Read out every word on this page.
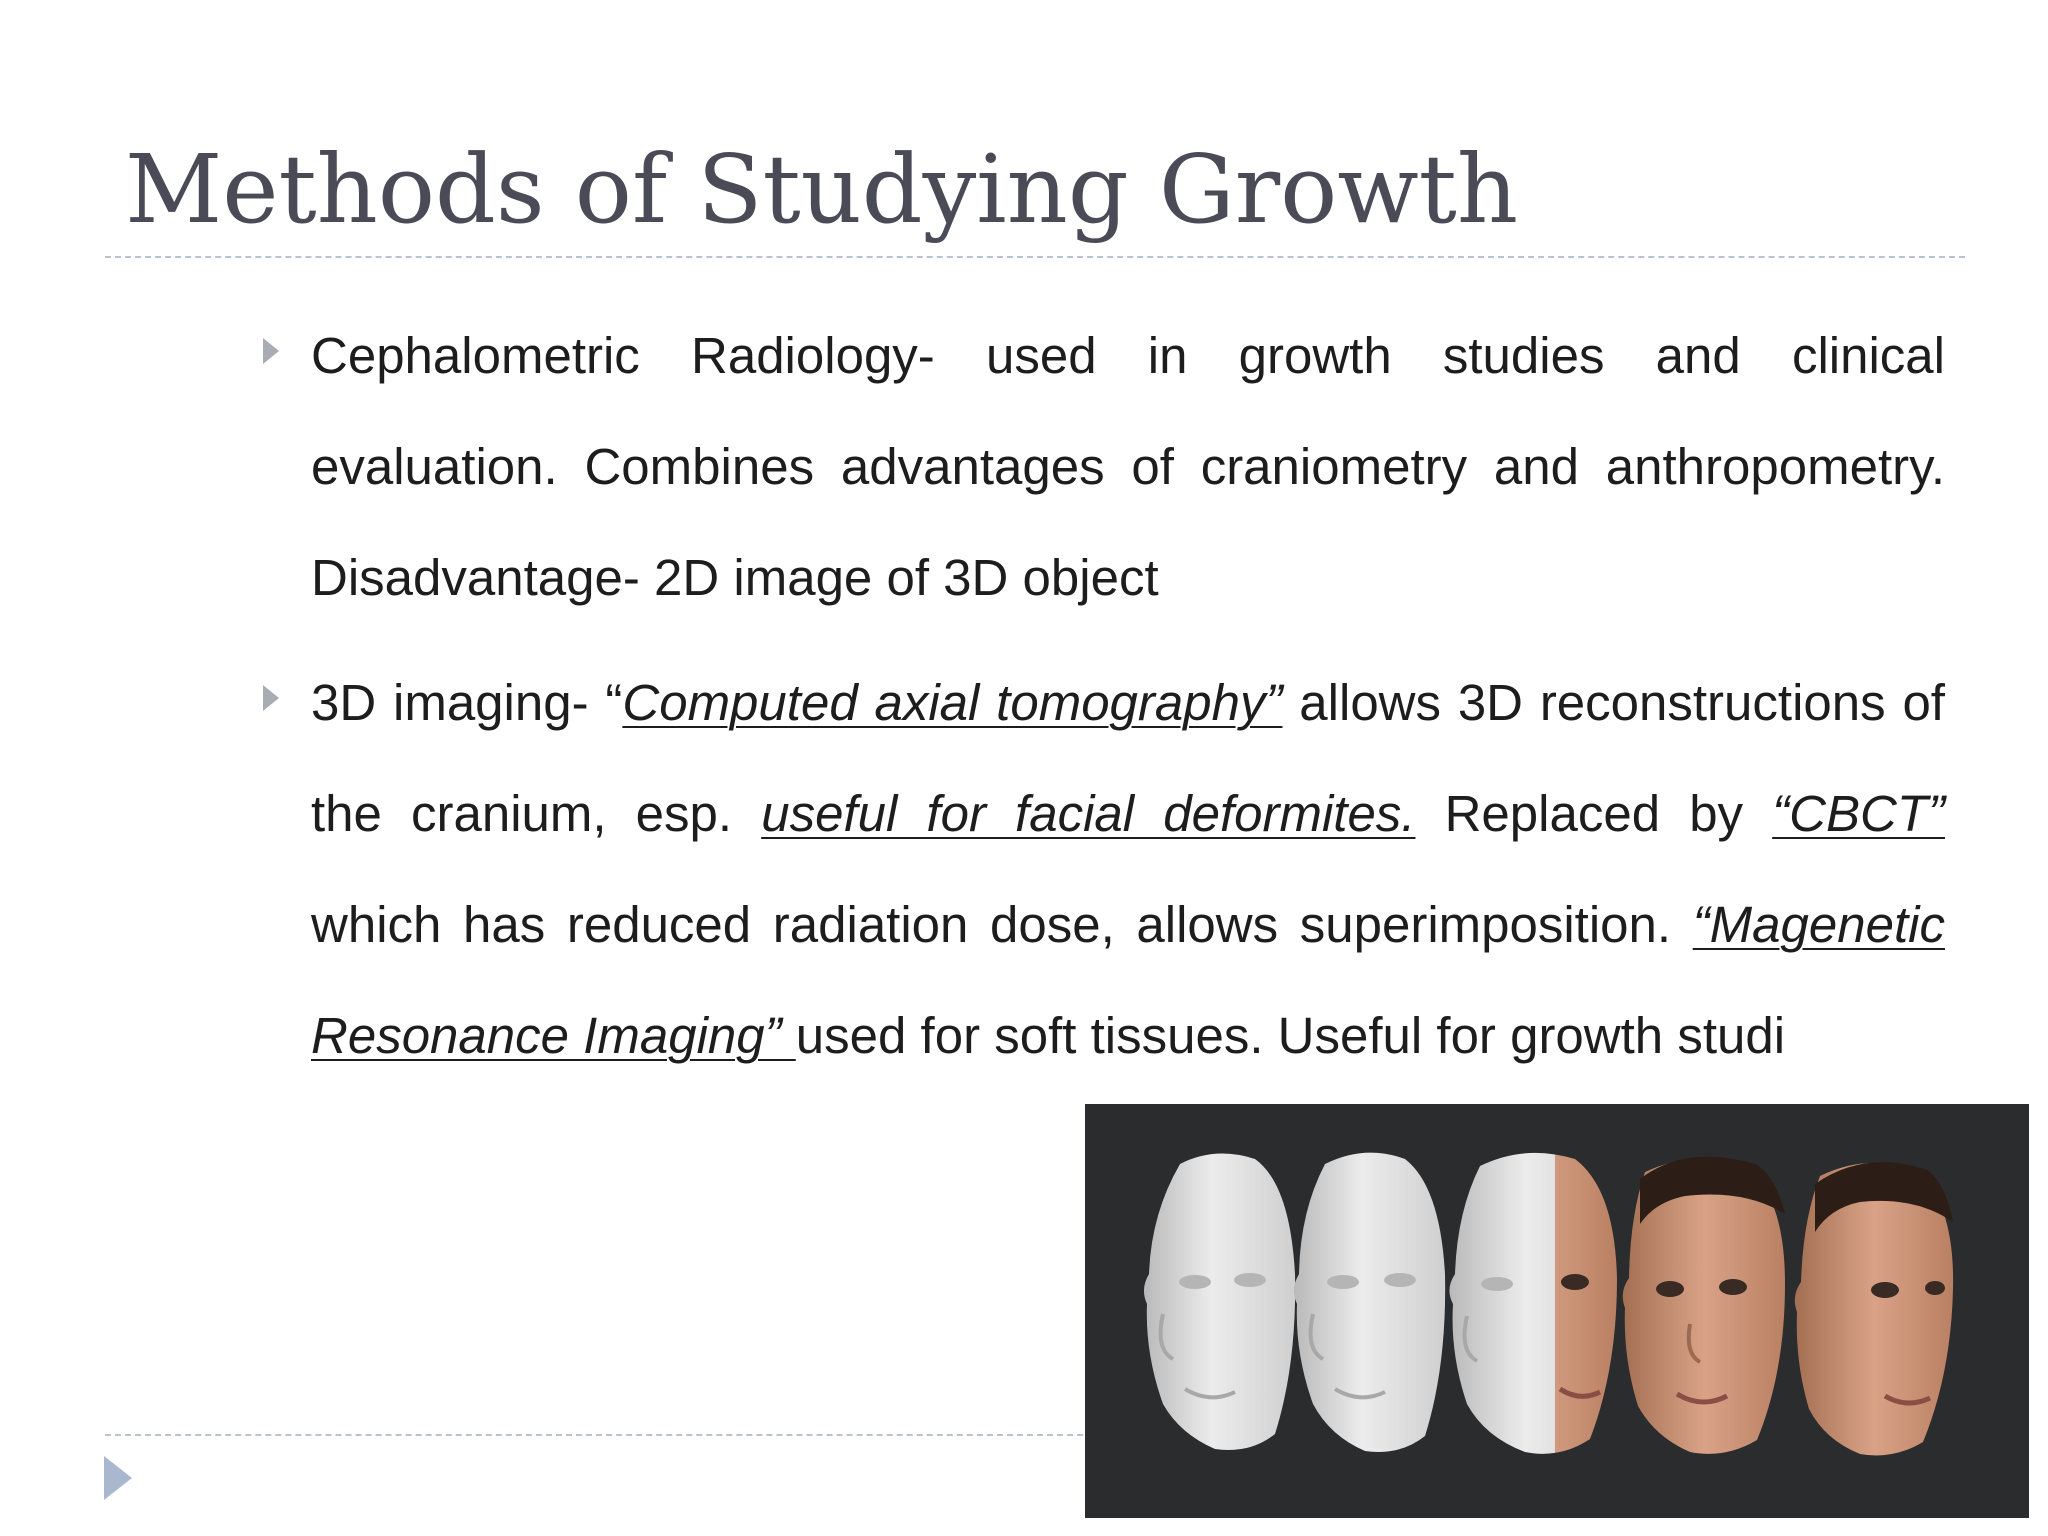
Methods of Studying Growth

Cephalometric Radiology- used in growth studies and clinical evaluation. Combines advantages of craniometry and anthropometry. Disadvantage- 2D image of 3D object

3D imaging- “Computed axial tomography” allows 3D reconstructions of the cranium, esp. useful for facial deformites. Replaced by “CBCT” which has reduced radiation dose, allows superimposition. “Magenetic Resonance Imaging” used for soft tissues. Useful for growth studi
